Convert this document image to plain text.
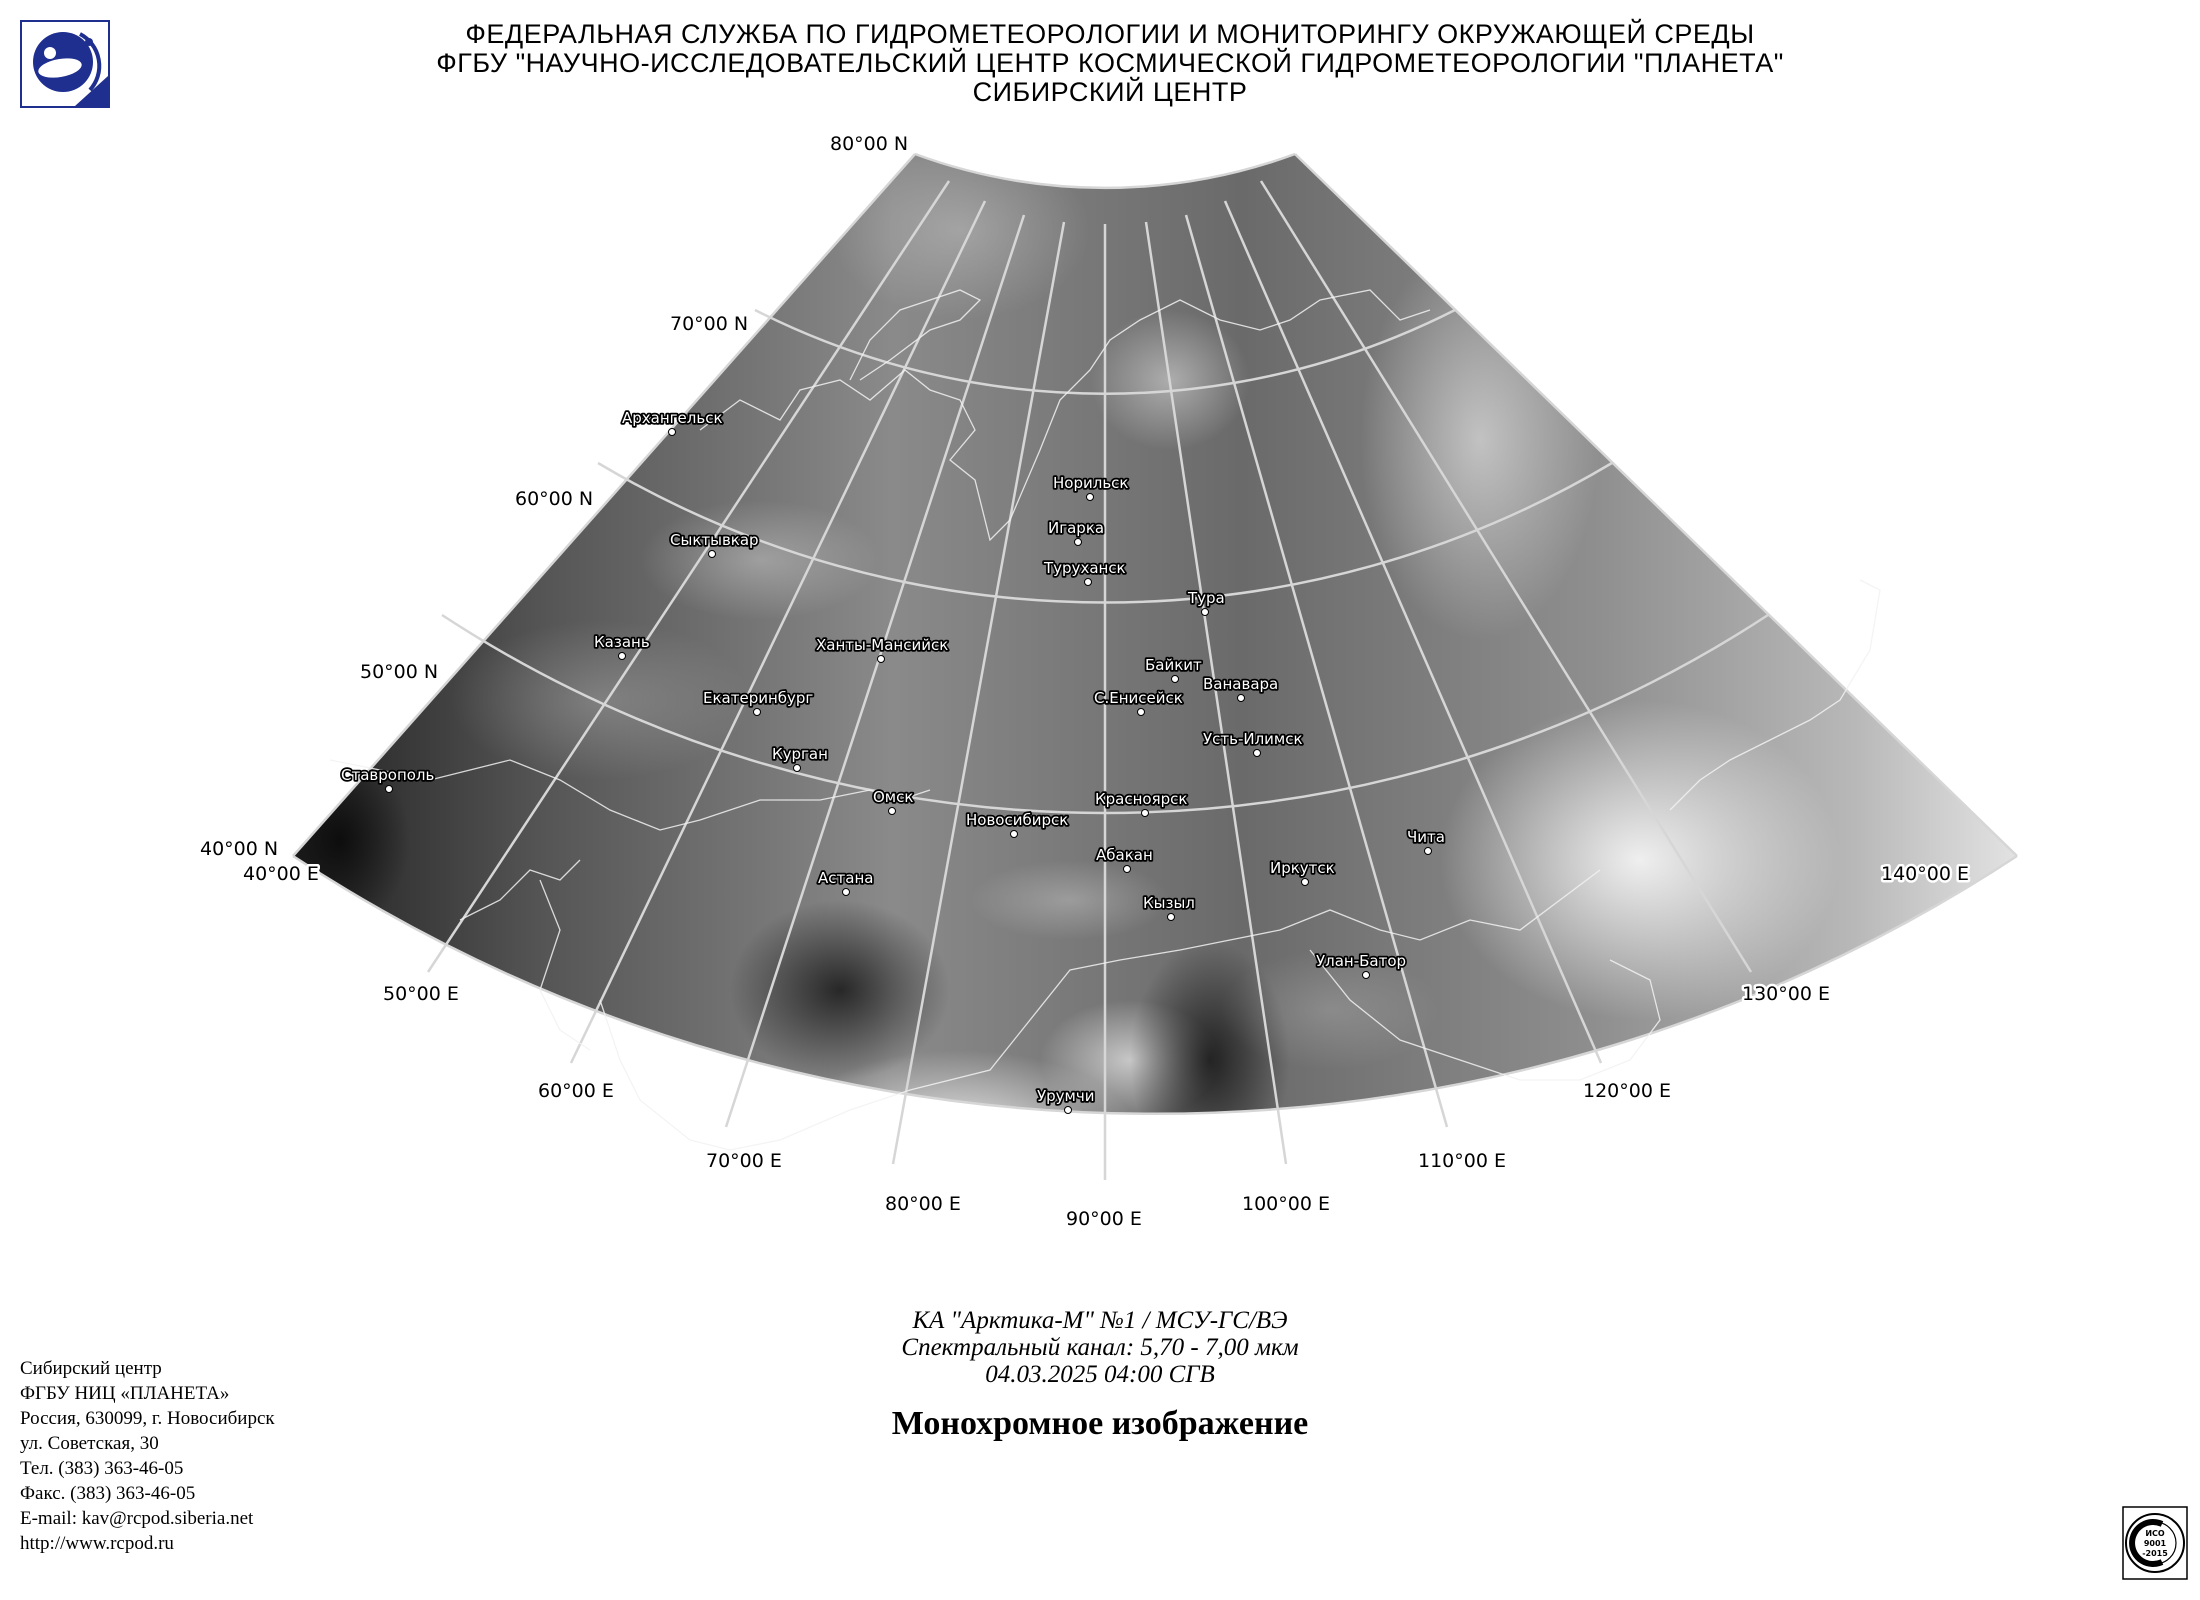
ФЕДЕРАЛЬНАЯ СЛУЖБА ПО ГИДРОМЕТЕОРОЛОГИИ И МОНИТОРИНГУ ОКРУЖАЮЩЕЙ СРЕДЫ
ФГБУ "НАУЧНО-ИССЛЕДОВАТЕЛЬСКИЙ ЦЕНТР КОСМИЧЕСКОЙ ГИДРОМЕТЕОРОЛОГИИ "ПЛАНЕТА"
СИБИРСКИЙ ЦЕНТР
80°00 N
70°00 N
60°00 N
50°00 N
40°00 N
40°00 E
50°00 E
60°00 E
70°00 E
80°00 E
90°00 E
100°00 E
110°00 E
120°00 E
130°00 E
140°00 E
Архангельск
Сыктывкар
Казань
Ставрополь
Екатеринбург
Ханты-Мансийск
Курган
Омск
Астана
Новосибирск
Норильск
Игарка
Туруханск
Тура
Байкит
Ванавара
С.Енисейск
Усть-Илимск
Красноярск
Абакан
Кызыл
Иркутск
Чита
Улан-Батор
Урумчи
КА "Арктика-М" №1 / МСУ-ГС/ВЭ
Спектральный канал: 5,70 - 7,00 мкм
04.03.2025 04:00 СГВ
Монохромное изображение
Сибирский центр
ФГБУ НИЦ «ПЛАНЕТА»
Россия, 630099, г. Новосибирск
ул. Советская, 30
Тел. (383) 363-46-05
Факс. (383) 363-46-05
E-mail: kav@rcpod.siberia.net
http://www.rcpod.ru	ИСО
9001
-2015
